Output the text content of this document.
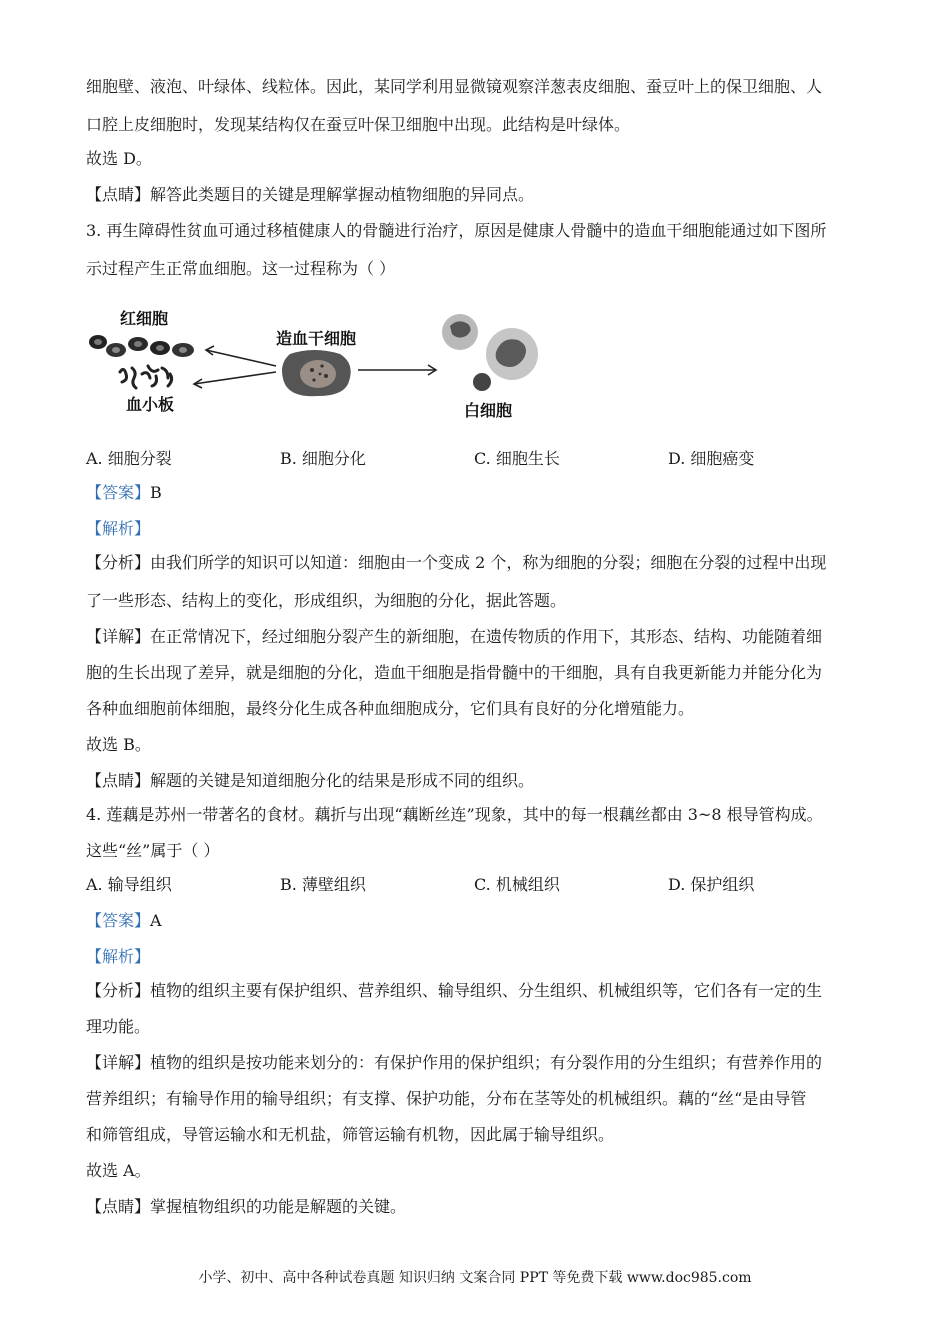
细胞壁、液泡、叶绿体、线粒体。因此，某同学利用显微镜观察洋葱表皮细胞、蚕豆叶上的保卫细胞、人
口腔上皮细胞时，发现某结构仅在蚕豆叶保卫细胞中出现。此结构是叶绿体。
故选 D。
【点睛】解答此类题目的关键是理解掌握动植物细胞的异同点。
3. 再生障碍性贫血可通过移植健康人的骨髓进行治疗，原因是健康人骨髓中的造血干细胞能通过如下图所
示过程产生正常血细胞。这一过程称为（ ）
红细胞
血小板
造血干细胞
白细胞
A. 细胞分裂	B. 细胞分化	C. 细胞生长	D. 细胞癌变
【答案】B
【解析】
【分析】由我们所学的知识可以知道：细胞由一个变成 2 个，称为细胞的分裂；细胞在分裂的过程中出现
了一些形态、结构上的变化，形成组织，为细胞的分化，据此答题。
【详解】在正常情况下，经过细胞分裂产生的新细胞，在遗传物质的作用下，其形态、结构、功能随着细
胞的生长出现了差异，就是细胞的分化，造血干细胞是指骨髓中的干细胞，具有自我更新能力并能分化为
各种血细胞前体细胞，最终分化生成各种血细胞成分，它们具有良好的分化增殖能力。
故选 B。
【点睛】解题的关键是知道细胞分化的结果是形成不同的组织。
4. 莲藕是苏州一带著名的食材。藕折与出现“藕断丝连”现象，其中的每一根藕丝都由 3~8 根导管构成。
这些“丝”属于（ ）
A. 输导组织	B. 薄壁组织	C. 机械组织	D. 保护组织
【答案】A
【解析】
【分析】植物的组织主要有保护组织、营养组织、输导组织、分生组织、机械组织等，它们各有一定的生
理功能。
【详解】植物的组织是按功能来划分的：有保护作用的保护组织；有分裂作用的分生组织；有营养作用的
营养组织；有输导作用的输导组织；有支撑、保护功能，分布在茎等处的机械组织。藕的“丝“是由导管
和筛管组成，导管运输水和无机盐，筛管运输有机物，因此属于输导组织。
故选 A。
【点睛】掌握植物组织的功能是解题的关键。
小学、初中、高中各种试卷真题 知识归纳 文案合同 PPT 等免费下载 www.doc985.com
